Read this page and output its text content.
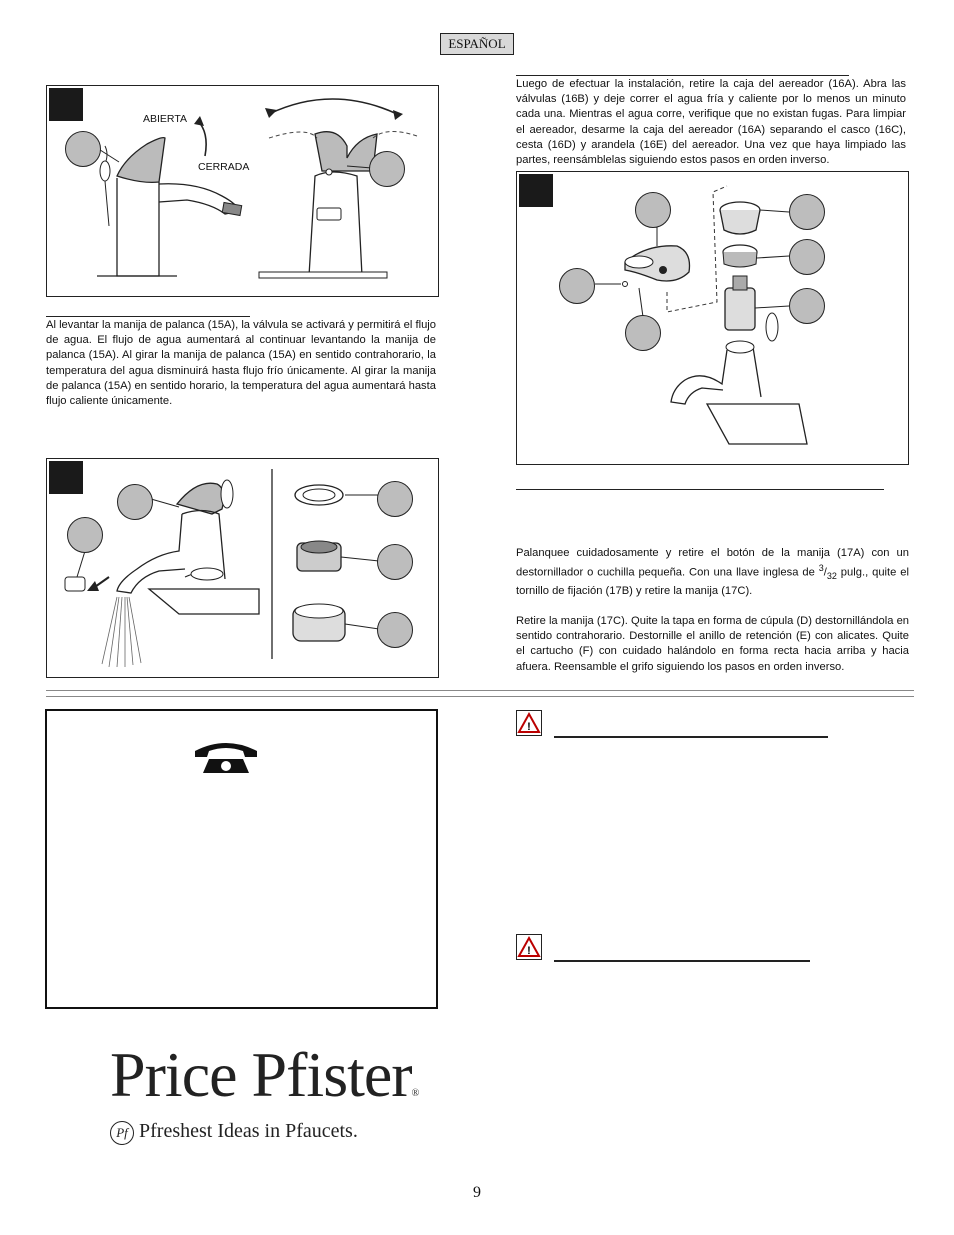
ESPAÑOL
ABIERTA
CERRADA
Al levantar la manija de palanca (15A), la válvula se activará y permitirá el flujo de agua. El flujo de agua aumentará al continuar levantando la manija de palanca (15A). Al girar la manija de palanca (15A) en sentido contrahorario, la temperatura del agua disminuirá hasta flujo frío únicamente. Al girar la manija de palanca (15A) en sentido horario, la temperatura del agua aumentará hasta flujo caliente únicamente.
Luego de efectuar la instalación, retire la caja del aereador (16A). Abra las válvulas (16B) y deje correr el agua fría y caliente por lo menos un minuto cada una. Mientras el agua corre, verifique que no existan fugas. Para limpiar el aereador, desarme la caja del aereador (16A) separando el casco (16C), cesta (16D) y arandela (16E) del aereador. Una vez que haya limpiado las partes, reensámblelas siguiendo estos pasos en orden inverso.
Palanquee cuidadosamente y retire el botón de la manija (17A) con un destornillador o cuchilla pequeña. Con una llave inglesa de $^3/_{32}$ pulg., quite el tornillo de fijación (17B) y retire la manija (17C).
Retire la manija (17C). Quite la tapa en forma de cúpula (D) destornillándola en sentido contrahorario. Destornille el anillo de retención (E) con alicates. Quite el cartucho (F) con cuidado halándolo en forma recta hacia arriba y hacia afuera. Reensamble el grifo siguiendo los pasos en orden inverso.
!
!
Price Pfister®
Pf Pfreshest Ideas in Pfaucets.
9
